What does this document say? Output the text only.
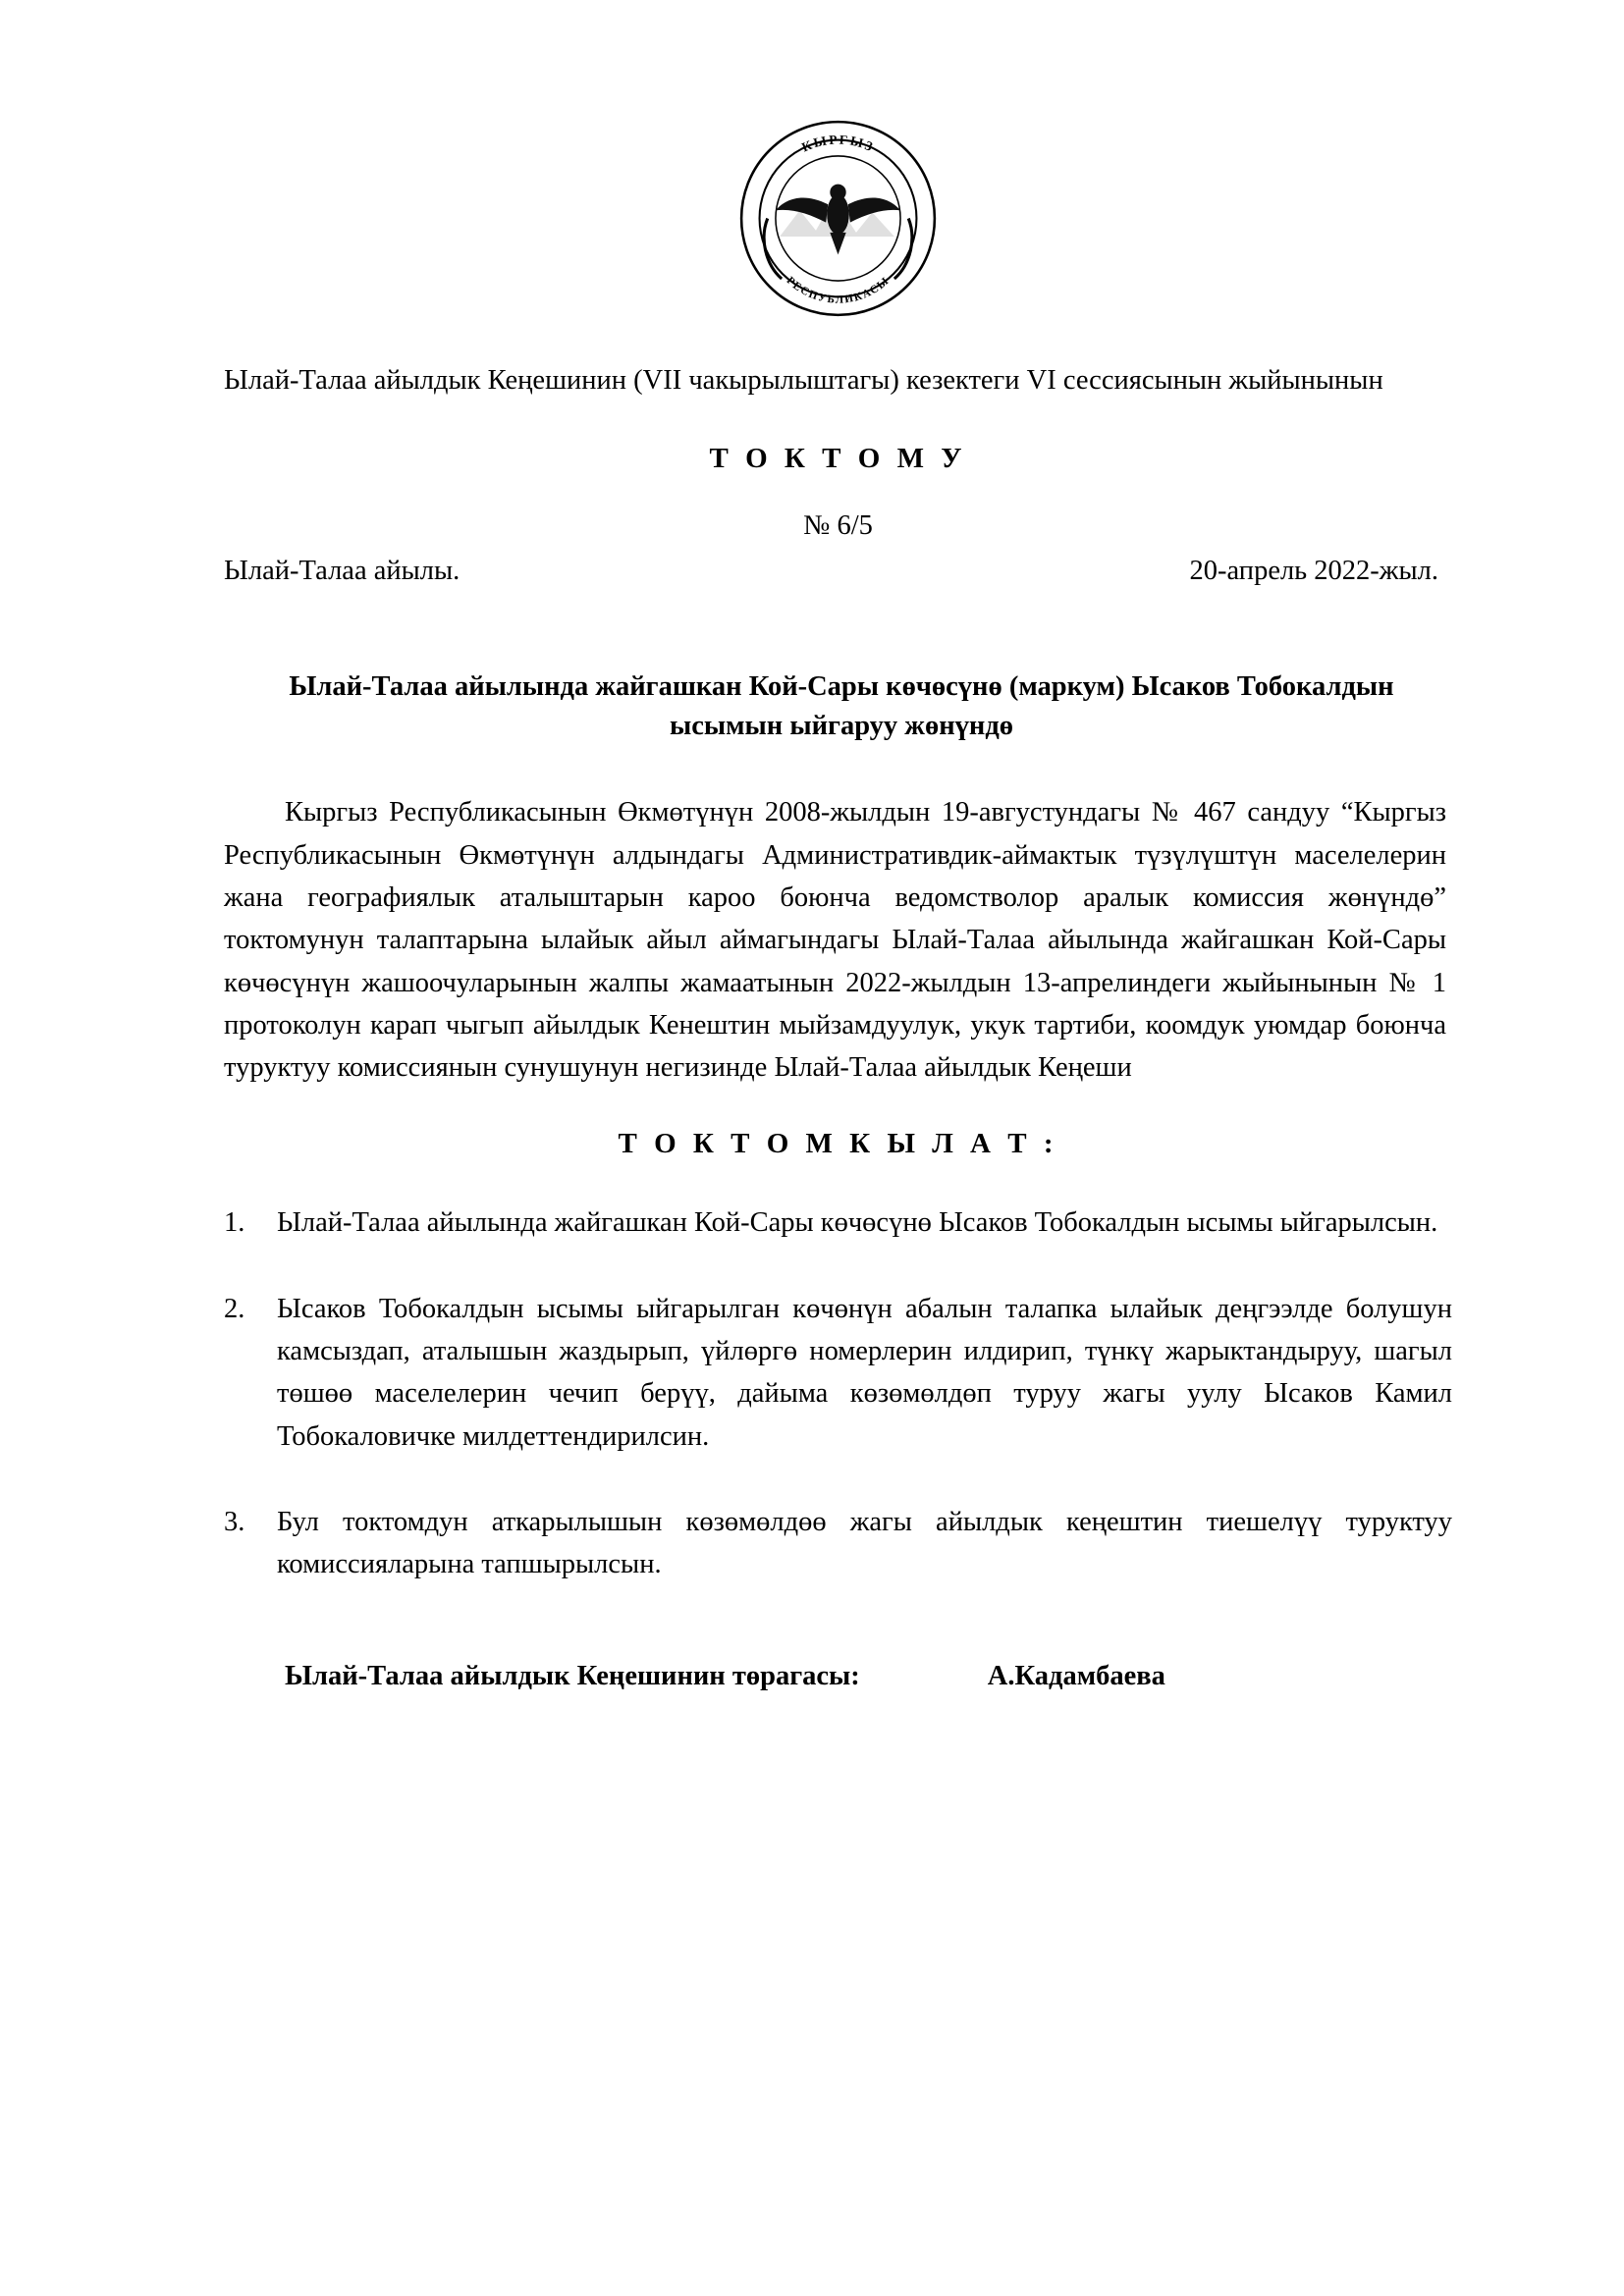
КЫРГЫЗ
РЕСПУБЛИКАСЫ

Ылай-Талаа айылдык Кеңешинин (VII чакырылыштагы) кезектеги VI сессиясынын жыйынынын

Т О К Т О М У
№ 6/5
Ылай-Талаа айылы.	20-апрель 2022-жыл.
Ылай-Талаа айылында жайгашкан Кой-Сары көчөсүнө (маркум) Ысаков Тобокалдын ысымын ыйгаруу жөнүндө

Кыргыз Республикасынын Өкмөтүнүн 2008-жылдын 19-августундагы № 467 сандуу “Кыргыз Республикасынын Өкмөтүнүн алдындагы Административдик-аймактык түзүлүштүн маселелерин жана географиялык аталыштарын кароо боюнча ведомстволор аралык комиссия жөнүндө” токтомунун талаптарына ылайык айыл аймагындагы Ылай-Талаа айылында жайгашкан Кой-Сары көчөсүнүн жашоочуларынын жалпы жамаатынын 2022-жылдын 13-апрелиндеги жыйынынын № 1 протоколун карап чыгып айылдык Кенештин мыйзамдуулук, укук тартиби, коомдук уюмдар боюнча туруктуу комиссиянын сунушунун негизинде Ылай-Талаа айылдык Кеңеши

Т О К Т О М К Ы Л А Т :
Ылай-Талаа айылында жайгашкан Кой-Сары көчөсүнө Ысаков Тобокалдын ысымы ыйгарылсын.
Ысаков Тобокалдын ысымы ыйгарылган көчөнүн абалын талапка ылайык деңгээлде болушун камсыздап, аталышын жаздырып, үйлөргө номерлерин илдирип, түнкү жарыктандыруу, шагыл төшөө маселелерин чечип берүү, дайыма көзөмөлдөп туруу жагы уулу Ысаков Камил Тобокаловичке милдеттендирилсин.
Бул токтомдун аткарылышын көзөмөлдөө жагы айылдык кеңештин тиешелүү туруктуу комиссияларына тапшырылсын.
Ылай-Талаа айылдык Кеңешинин төрагасы:	А.Кадамбаева
